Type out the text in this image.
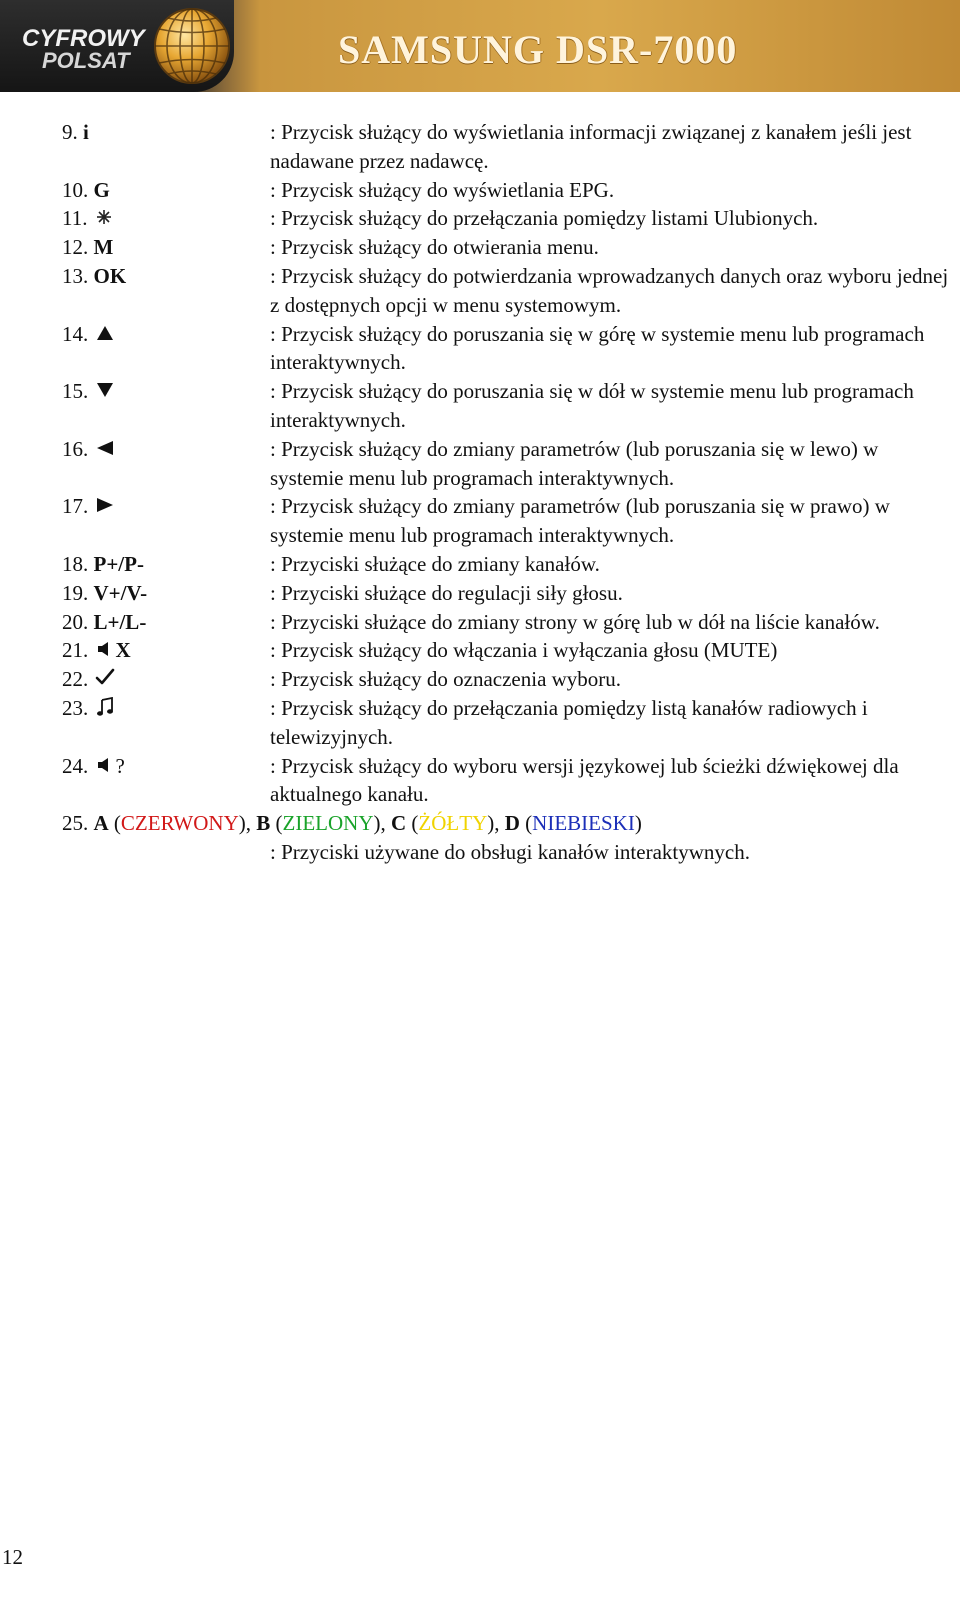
CYFROWY
POLSAT	SAMSUNG DSR-7000
9. i	: Przycisk służący do wyświetlania informacji związanej z kanałem jeśli jest nadawane przez nadawcę.
10. G	: Przycisk służący do wyświetlania EPG.
11.	: Przycisk służący do przełączania pomiędzy listami Ulubionych.
12. M	: Przycisk służący do otwierania menu.
13. OK	: Przycisk służący do potwierdzania wprowadzanych danych oraz wyboru jednej z dostępnych opcji w menu systemowym.
14.	: Przycisk służący do poruszania się w górę w systemie menu lub programach interaktywnych.
15.	: Przycisk służący do poruszania się w dół w systemie menu lub programach interaktywnych.
16.	: Przycisk służący do zmiany parametrów (lub poruszania się w lewo) w systemie menu lub programach interaktywnych.
17.	: Przycisk służący do zmiany parametrów (lub poruszania się w prawo) w systemie menu lub programach interaktywnych.
18. P+/P-	: Przyciski służące do zmiany kanałów.
19. V+/V-	: Przyciski służące do regulacji siły głosu.
20. L+/L-	: Przyciski służące do zmiany strony w górę lub w dół na liście kanałów.
21. X	: Przycisk służący do włączania i wyłączania głosu (MUTE)
22.	: Przycisk służący do oznaczenia wyboru.
23.	: Przycisk służący do przełączania pomiędzy listą kanałów radiowych i telewizyjnych.
24. ?	: Przycisk służący do wyboru wersji językowej lub ścieżki dźwiękowej dla aktualnego kanału.
25. A (CZERWONY), B (ZIELONY), C (ŻÓŁTY), D (NIEBIESKI)
: Przyciski używane do obsługi kanałów interaktywnych.
12
